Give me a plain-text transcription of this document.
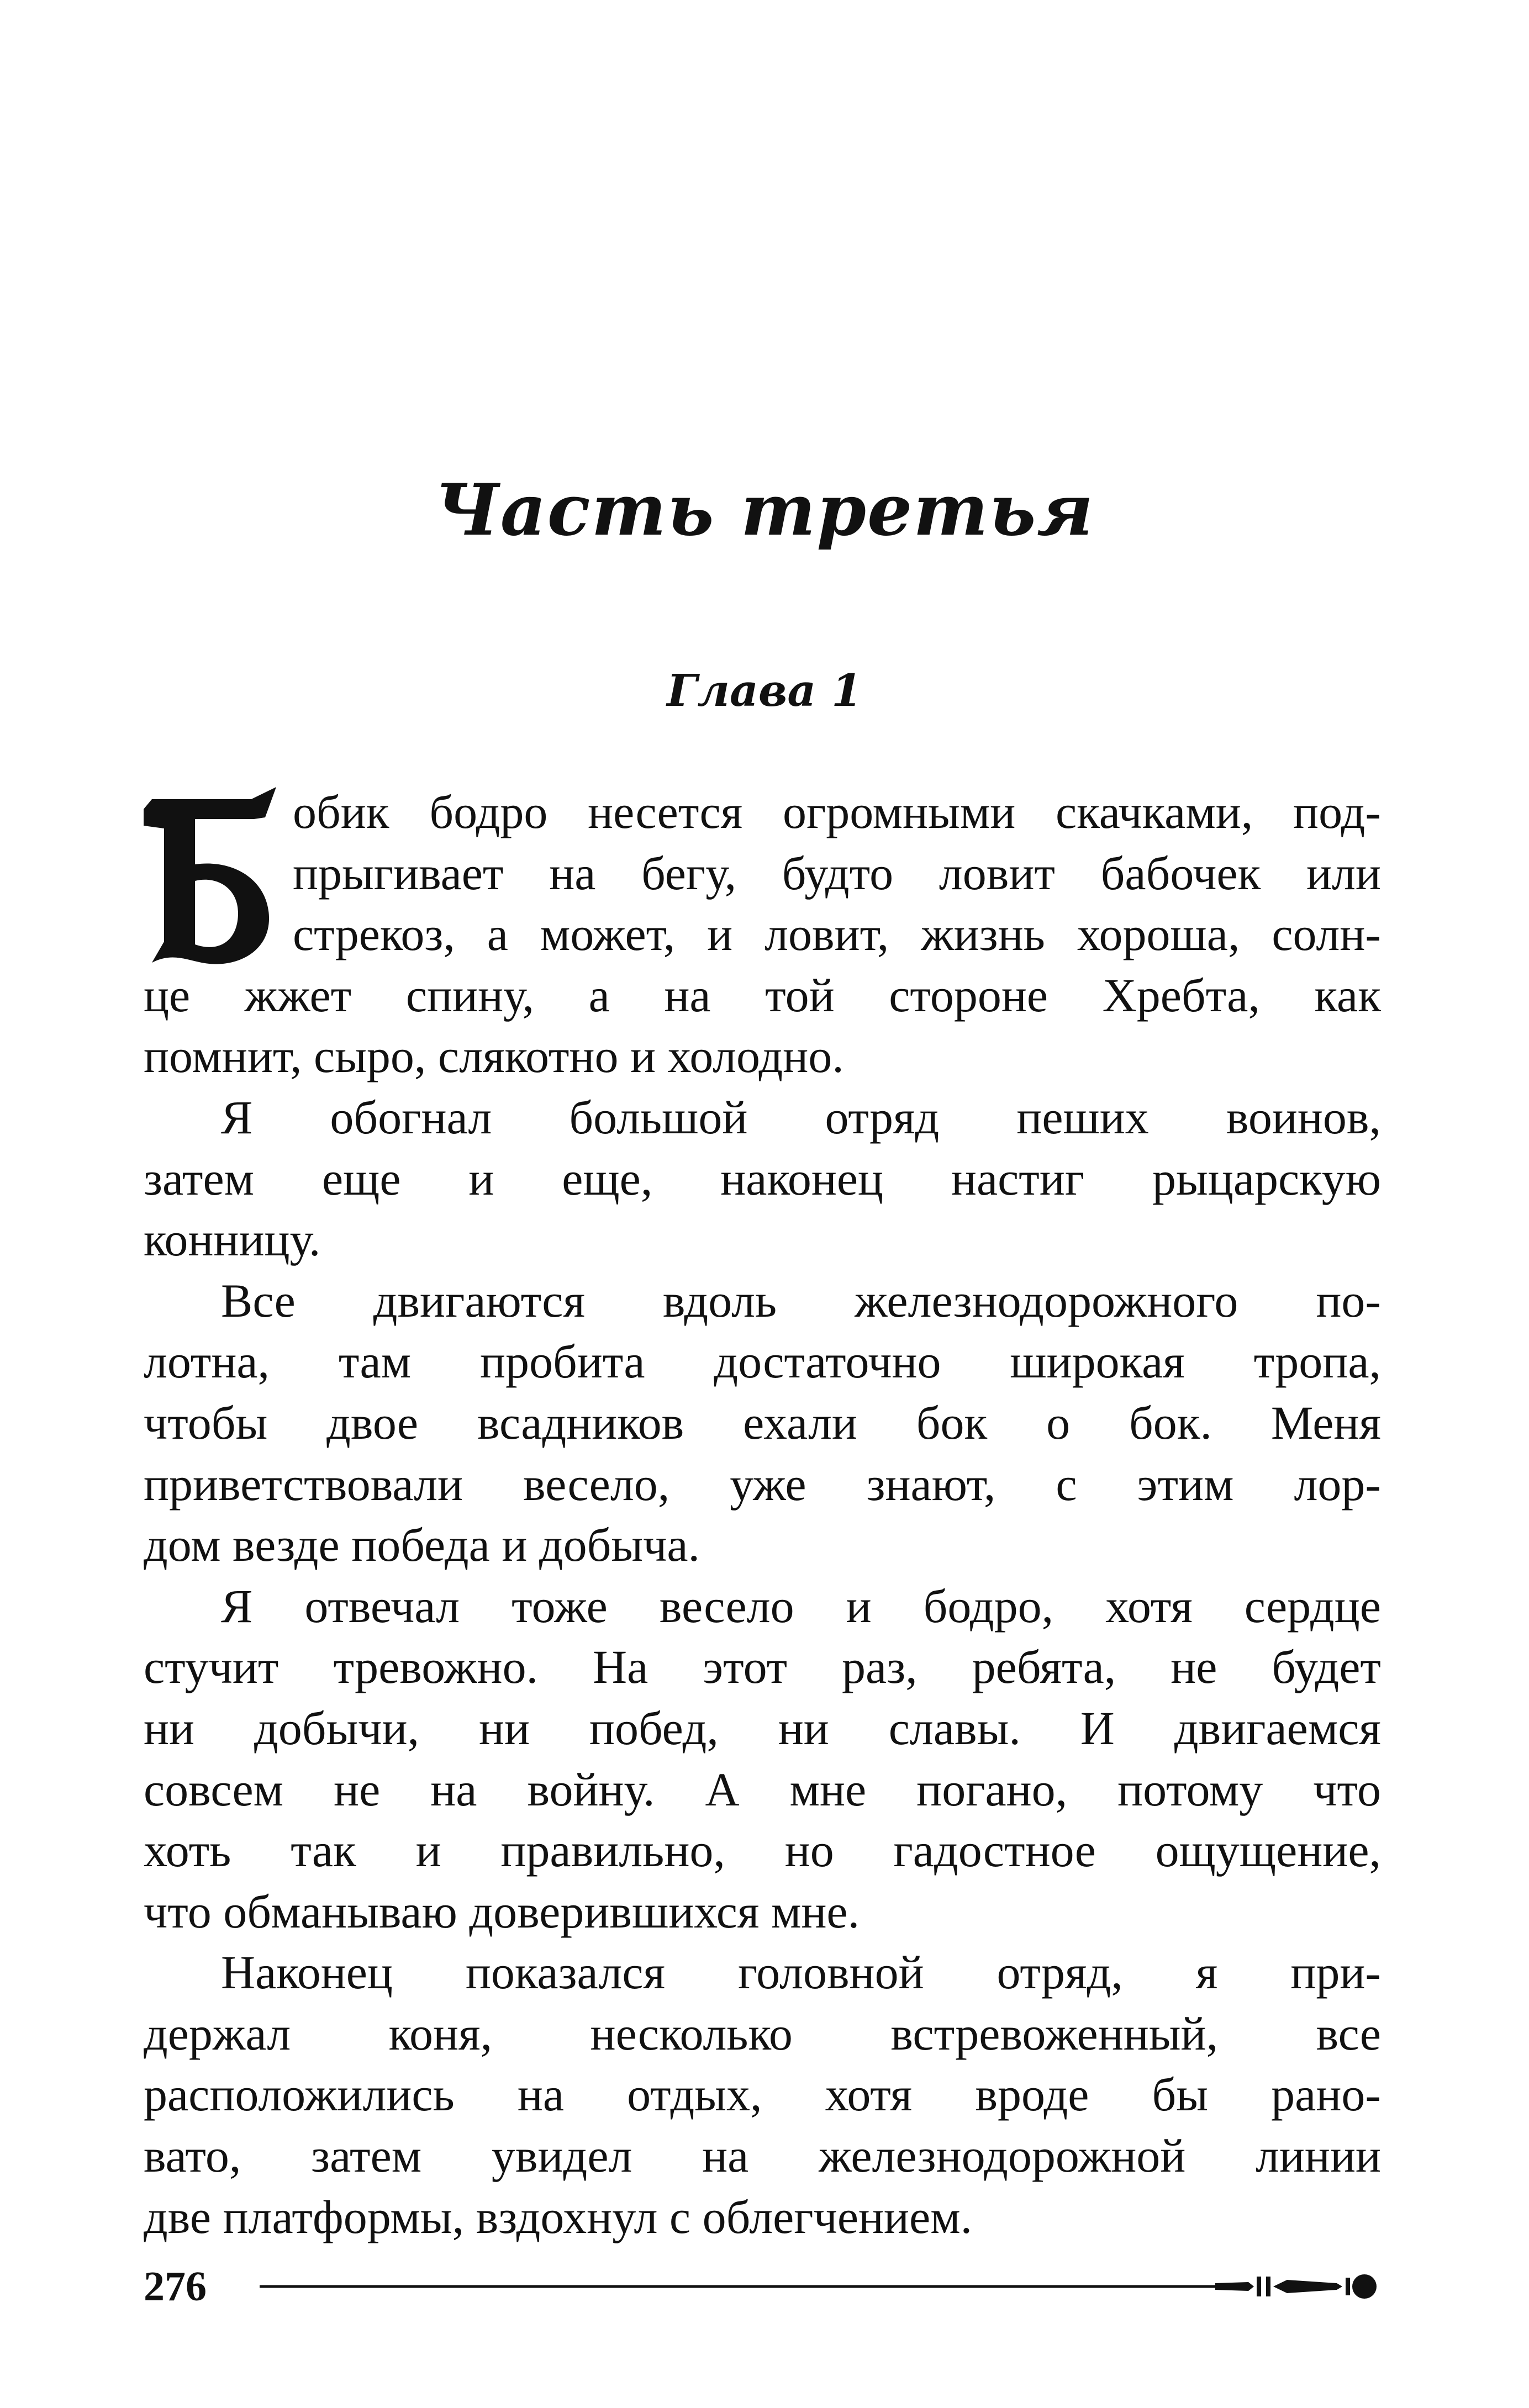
Часть третья
Глава 1
обик бодро несется огромными скачками, под-
прыгивает на бегу, будто ловит бабочек или
стрекоз, а может, и ловит, жизнь хороша, солн-
це жжет спину, а на той стороне Хребта, как
помнит, сыро, слякотно и холодно.
Я обогнал большой отряд пеших воинов,
затем еще и еще, наконец настиг рыцарскую
конницу.
Все двигаются вдоль железнодорожного по-
лотна, там пробита достаточно широкая тропа,
чтобы двое всадников ехали бок о бок. Меня
приветствовали весело, уже знают, с этим лор-
дом везде победа и добыча.
Я отвечал тоже весело и бодро, хотя сердце
стучит тревожно. На этот раз, ребята, не будет
ни добычи, ни побед, ни славы. И двигаемся
совсем не на войну. А мне погано, потому что
хоть так и правильно, но гадостное ощущение,
что обманываю доверившихся мне.
Наконец показался головной отряд, я при-
держал коня, несколько встревоженный, все
расположились на отдых, хотя вроде бы рано-
вато, затем увидел на железнодорожной линии
две платформы, вздохнул с облегчением.
276
